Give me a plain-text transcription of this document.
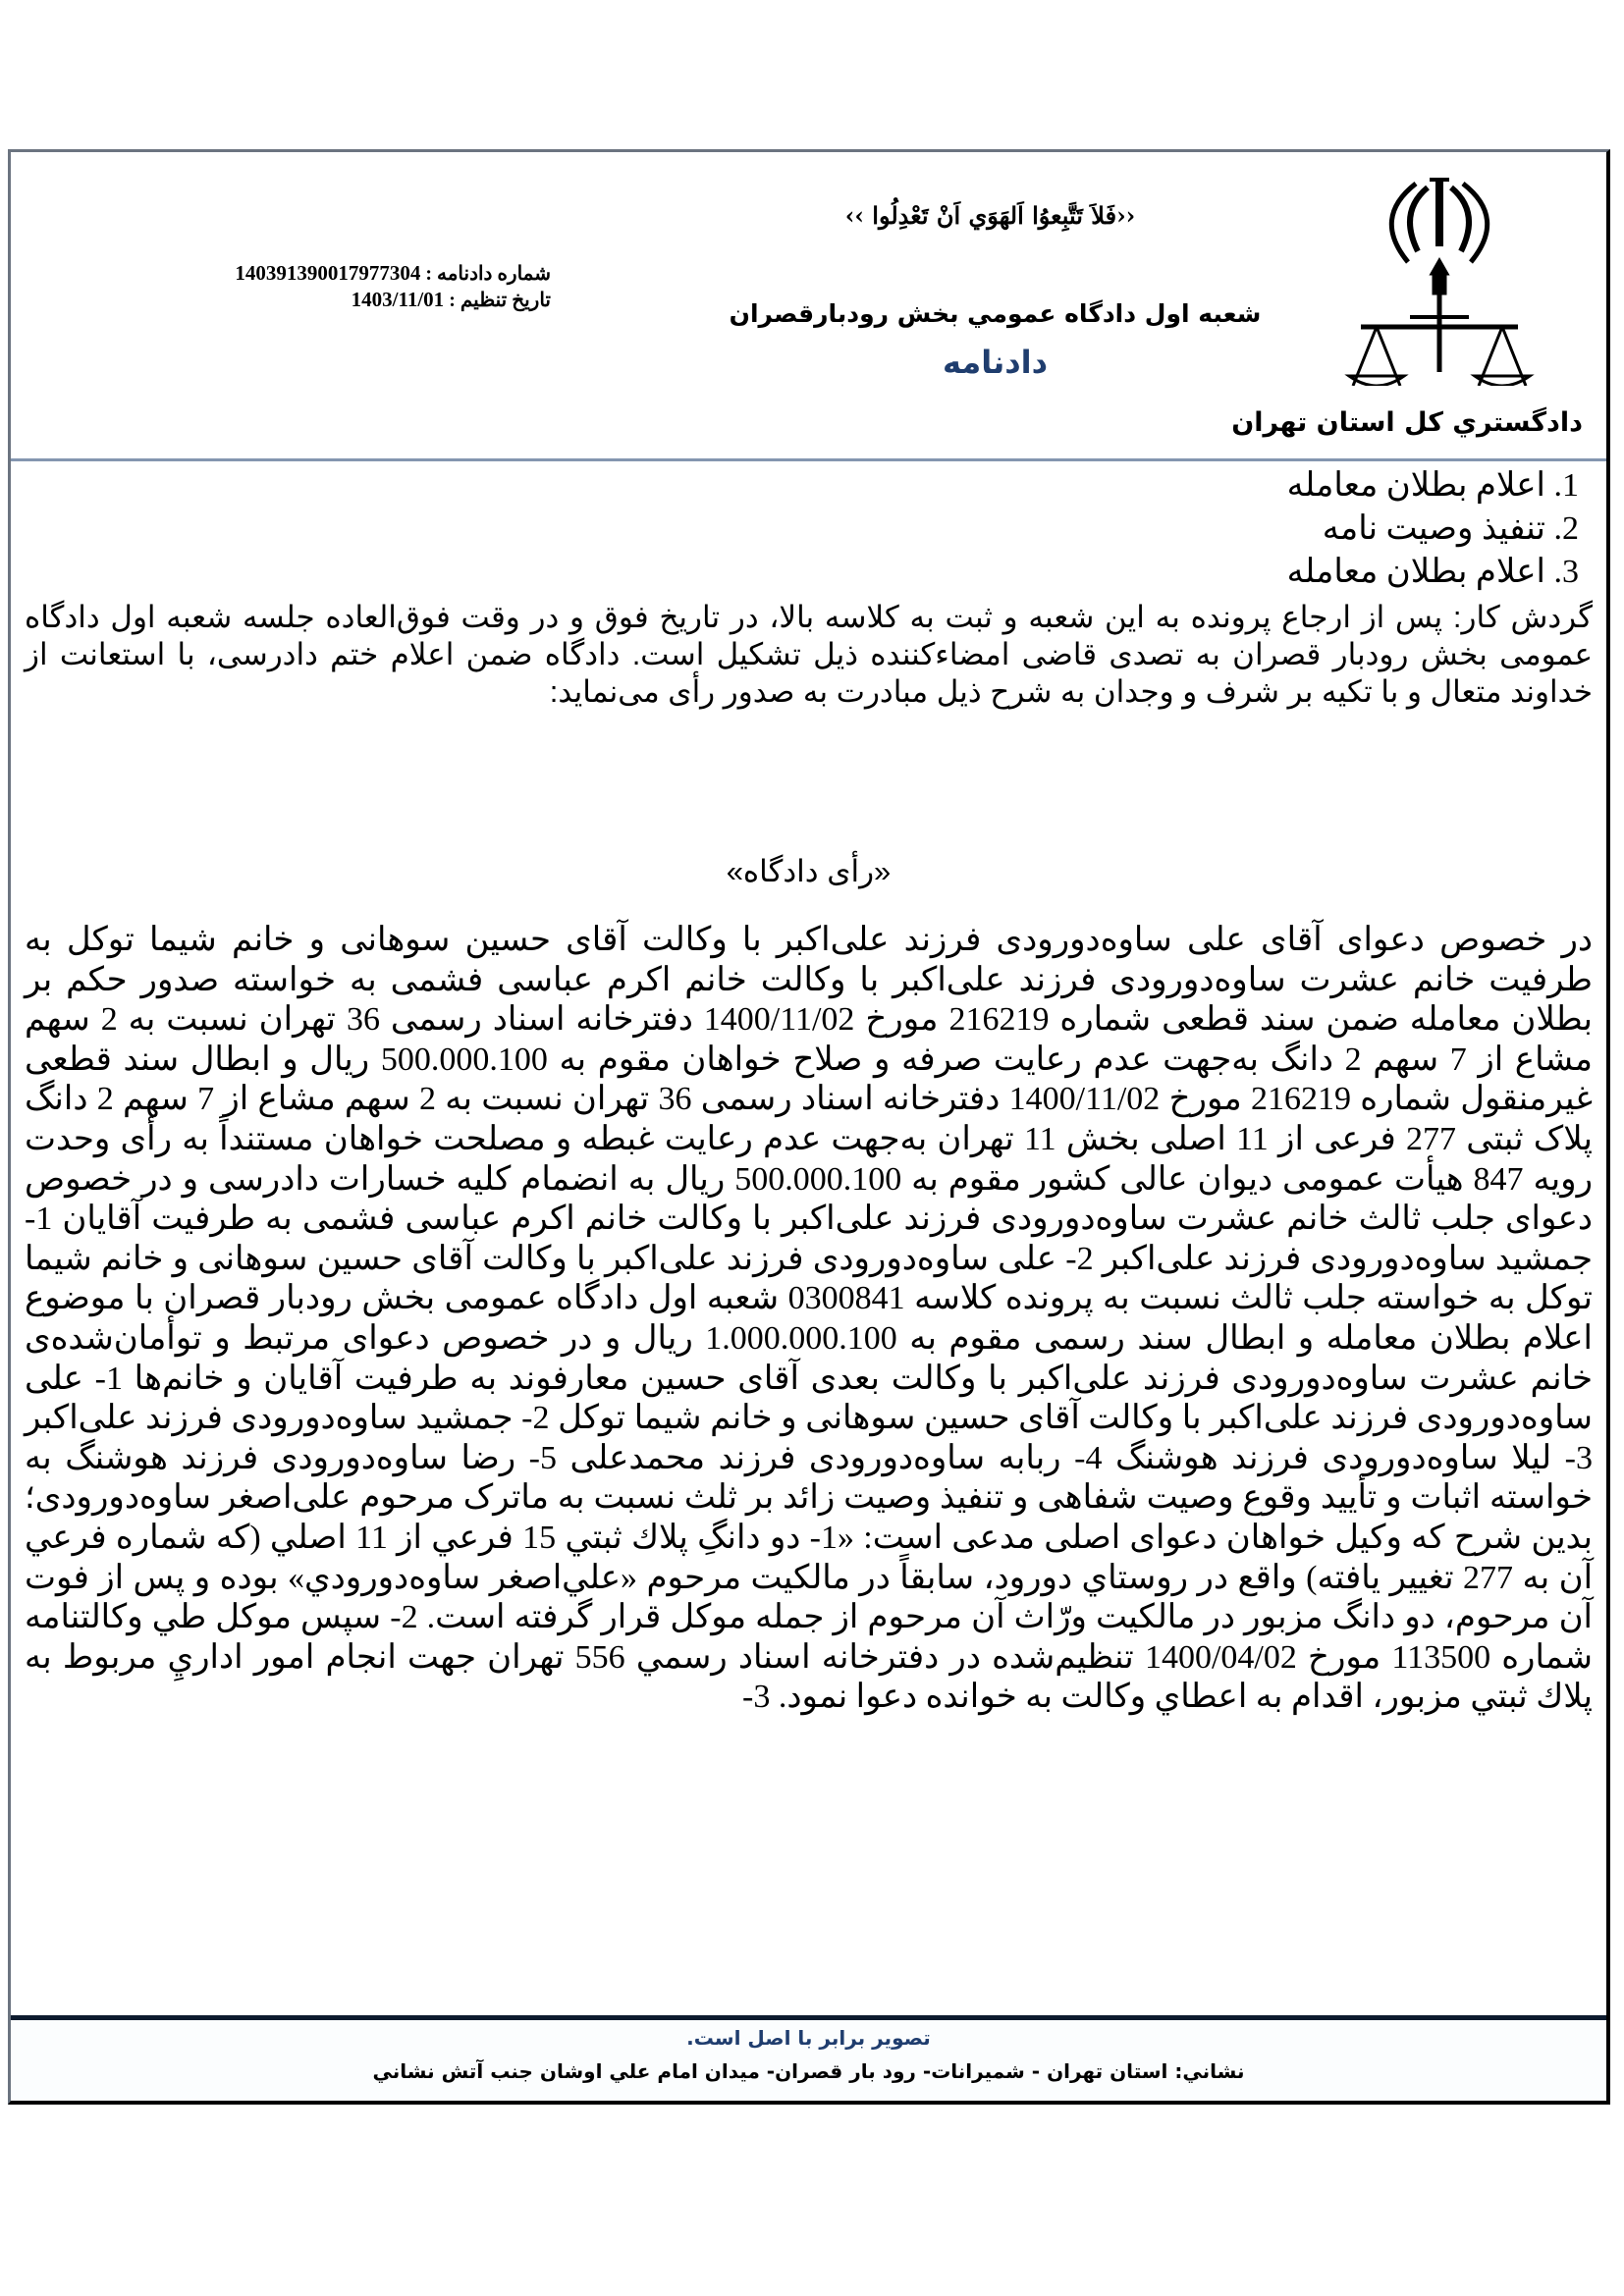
دادگستري كل استان تهران
‹‹فَلاَ تَتَّبِعوُا اَلهَوَي اَنْ تَعْدِلُوا ››
شعبه اول دادگاه عمومي بخش رودبارقصران
دادنامه
شماره دادنامه : 140391390017977304
تاریخ تنظیم : 1403/11/01
1. اعلام بطلان معامله
2. تنفیذ وصیت نامه
3. اعلام بطلان معامله
گردش کار: پس از ارجاع پرونده به این شعبه و ثبت به کلاسه بالا، در تاریخ فوق و در وقت فوق‌العاده جلسه شعبه اول دادگاه عمومی بخش رودبار قصران به تصدی قاضی امضاءکننده ذیل تشکیل است. دادگاه ضمن اعلام ختم دادرسی، با استعانت از خداوند متعال و با تکیه بر شرف و وجدان به شرح ذیل مبادرت به صدور رأی می‌نماید:
«رأی دادگاه»
در خصوص دعوای آقای علی ساوه‌دورودی فرزند علی‌اکبر با وکالت آقای حسین سوهانی و خانم شیما توکل به طرفیت خانم عشرت ساوه‌دورودی فرزند علی‌اکبر با وکالت خانم اکرم عباسی فشمی به خواسته صدور حکم بر بطلان معامله ضمن سند قطعی شماره 216219 مورخ 1400/11/02 دفترخانه اسناد رسمی 36 تهران نسبت به 2 سهم مشاع از 7 سهم 2 دانگ به‌جهت عدم رعایت صرفه و صلاح خواهان مقوم به 500.000.100 ریال و ابطال سند قطعی غیرمنقول شماره 216219 مورخ 1400/11/02 دفترخانه اسناد رسمی 36 تهران نسبت به 2 سهم مشاع از 7 سهم 2 دانگ پلاک ثبتی 277 فرعی از 11 اصلی بخش 11 تهران به‌جهت عدم رعایت غبطه و مصلحت خواهان مستنداً به رأی وحدت رویه 847 هیأت عمومی دیوان عالی کشور مقوم به 500.000.100 ریال به انضمام کلیه خسارات دادرسی و در خصوص دعوای جلب ثالث خانم عشرت ساوه‌دورودی فرزند علی‌اکبر با وکالت خانم اکرم عباسی فشمی به طرفیت آقایان 1- جمشید ساوه‌دورودی فرزند علی‌اکبر 2- علی ساوه‌دورودی فرزند علی‌اکبر با وکالت آقای حسین سوهانی و خانم شیما توکل به خواسته جلب ثالث نسبت به پرونده کلاسه 0300841 شعبه اول دادگاه عمومی بخش رودبار قصران با موضوع اعلام بطلان معامله و ابطال سند رسمی مقوم به 1.000.000.100 ریال و در خصوص دعوای مرتبط و توأمان‌شده‌ی خانم عشرت ساوه‌دورودی فرزند علی‌اکبر با وکالت بعدی آقای حسین معارفوند به طرفیت آقایان و خانم‌ها 1- علی ساوه‌دورودی فرزند علی‌اکبر با وکالت آقای حسین سوهانی و خانم شیما توکل 2- جمشید ساوه‌دورودی فرزند علی‌اکبر 3- لیلا ساوه‌دورودی فرزند هوشنگ 4- ربابه ساوه‌دورودی فرزند محمدعلی 5- رضا ساوه‌دورودی فرزند هوشنگ به خواسته اثبات و تأیید وقوع وصیت شفاهی و تنفیذ وصیت زائد بر ثلث نسبت به ماترک مرحوم علی‌اصغر ساوه‌دورودی؛ بدین شرح که وکیل خواهان دعوای اصلی مدعی است: «1- دو دانگِ پلاك ثبتي 15 فرعي از 11 اصلي (كه شماره فرعي آن به 277 تغيير يافته) واقع در روستاي دورود، سابقاً در مالكيت مرحوم «علي‌اصغر ساوه‌دورودي» بوده و پس از فوت آن مرحوم، دو دانگ مزبور در مالكيت ورّاث آن مرحوم از جمله موكل قرار گرفته است. 2- سپس موكل طي وكالتنامه شماره 113500 مورخ 1400/04/02 تنظيم‌شده در دفترخانه اسناد رسمي 556 تهران جهت انجام امور اداريِ مربوط به پلاك ثبتي مزبور، اقدام به اعطاي وكالت به خوانده دعوا نمود. 3-
تصوير برابر با اصل است.
نشاني: استان تهران - شميرانات- رود بار قصران- ميدان امام علي اوشان جنب آتش نشاني
